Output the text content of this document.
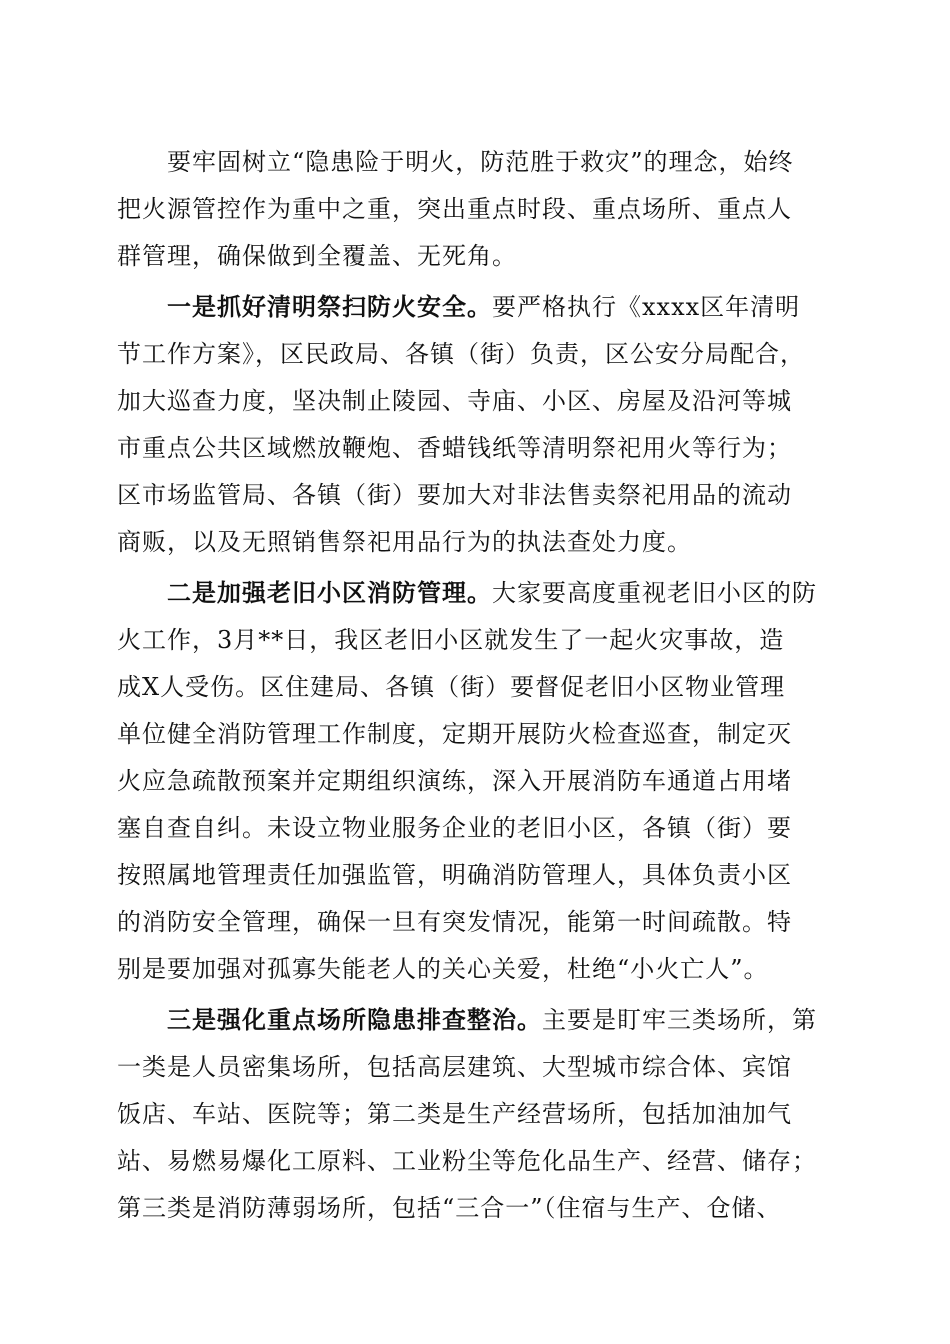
　　要牢固树立“隐患险于明火，防范胜于救灾”的理念，始终
把火源管控作为重中之重，突出重点时段、重点场所、重点人
群管理，确保做到全覆盖、无死角。
　　一是抓好清明祭扫防火安全。要严格执行《xxxx区年清明
节工作方案》，区民政局、各镇（街）负责，区公安分局配合，
加大巡查力度，坚决制止陵园、寺庙、小区、房屋及沿河等城
市重点公共区域燃放鞭炮、香蜡钱纸等清明祭祀用火等行为；
区市场监管局、各镇（街）要加大对非法售卖祭祀用品的流动
商贩，以及无照销售祭祀用品行为的执法查处力度。
　　二是加强老旧小区消防管理。大家要高度重视老旧小区的防
火工作，3月**日，我区老旧小区就发生了一起火灾事故，造
成X人受伤。区住建局、各镇（街）要督促老旧小区物业管理
单位健全消防管理工作制度，定期开展防火检查巡查，制定灭
火应急疏散预案并定期组织演练，深入开展消防车通道占用堵
塞自查自纠。未设立物业服务企业的老旧小区，各镇（街）要
按照属地管理责任加强监管，明确消防管理人，具体负责小区
的消防安全管理，确保一旦有突发情况，能第一时间疏散。特
别是要加强对孤寡失能老人的关心关爱，杜绝“小火亡人”。
　　三是强化重点场所隐患排查整治。主要是盯牢三类场所，第
一类是人员密集场所，包括高层建筑、大型城市综合体、宾馆
饭店、车站、医院等；第二类是生产经营场所，包括加油加气
站、易燃易爆化工原料、工业粉尘等危化品生产、经营、储存；
第三类是消防薄弱场所，包括“三合一”（住宿与生产、仓储、
